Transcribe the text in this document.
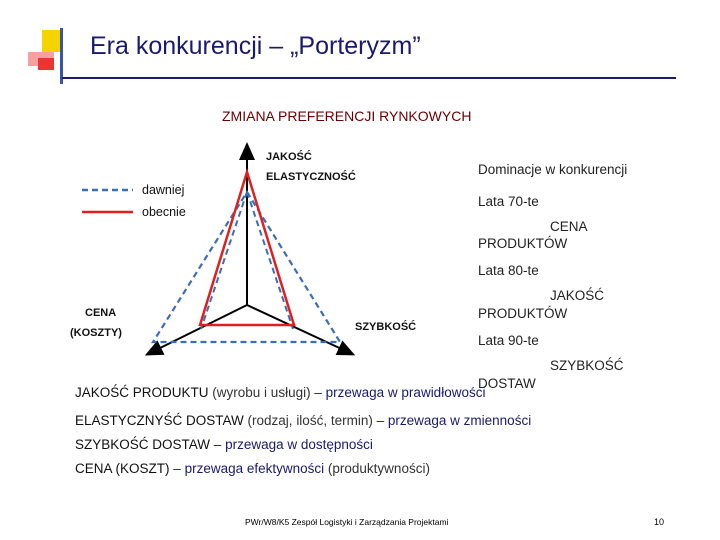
Era konkurencji – „Porteryzm”
ZMIANA PREFERENCJI RYNKOWYCH
JAKOŚĆ
ELASTYCZNOŚĆ
CENA
(KOSZTY)	SZYBKOŚĆ
dawniej
obecnie
Dominacje w konkurencji
Lata 70-te
CENA
PRODUKTÓW
Lata 80-te
JAKOŚĆ
PRODUKTÓW
Lata 90-te
SZYBKOŚĆ
DOSTAW
JAKOŚĆ PRODUKTU (wyrobu i usługi) – przewaga w prawidłowości
ELASTYCZNYŚĆ DOSTAW (rodzaj, ilość, termin) – przewaga w zmienności
SZYBKOŚĆ DOSTAW – przewaga w dostępności
CENA (KOSZT) – przewaga efektywności (produktywności)
PWr/W8/K5 Zespół Logistyki i Zarządzania Projektami	10
